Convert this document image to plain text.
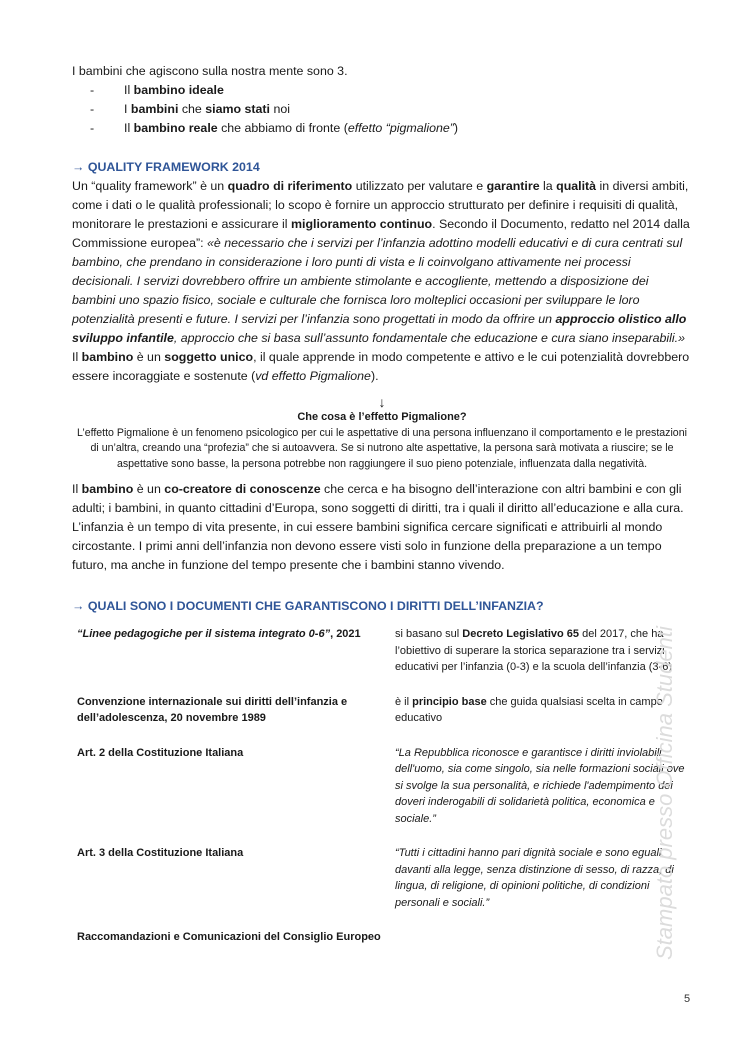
I bambini che agiscono sulla nostra mente sono 3.

- Il bambino ideale
- I bambini che siamo stati noi
- Il bambino reale che abbiamo di fronte (effetto “pigmalione”)
→ QUALITY FRAMEWORK 2014

Un “quality framework” è un quadro di riferimento utilizzato per valutare e garantire la qualità in diversi ambiti, come i dati o le qualità professionali; lo scopo è fornire un approccio strutturato per definire i requisiti di qualità, monitorare le prestazioni e assicurare il miglioramento continuo. Secondo il Documento, redatto nel 2014 dalla Commissione europea”: «è necessario che i servizi per l’infanzia adottino modelli educativi e di cura centrati sul bambino, che prendano in considerazione i loro punti di vista e li coinvolgano attivamente nei processi decisionali. I servizi dovrebbero offrire un ambiente stimolante e accogliente, mettendo a disposizione dei bambini uno spazio fisico, sociale e culturale che fornisca loro molteplici occasioni per sviluppare le loro potenzialità presenti e future. I servizi per l’infanzia sono progettati in modo da offrire un approccio olistico allo sviluppo infantile, approccio che si basa sull’assunto fondamentale che educazione e cura siano inseparabili.»

Il bambino è un soggetto unico, il quale apprende in modo competente e attivo e le cui potenzialità dovrebbero essere incoraggiate e sostenute (vd effetto Pigmalione).

↓
Che cosa è l’effetto Pigmalione?
L’effetto Pigmalione è un fenomeno psicologico per cui le aspettative di una persona influenzano il comportamento e le prestazioni di un’altra, creando una “profezia” che si autoavvera. Se si nutrono alte aspettative, la persona sarà motivata a riuscire; se le aspettative sono basse, la persona potrebbe non raggiungere il suo pieno potenziale, influenzata dalla negatività.

Il bambino è un co-creatore di conoscenze che cerca e ha bisogno dell’interazione con altri bambini e con gli adulti; i bambini, in quanto cittadini d’Europa, sono soggetti di diritti, tra i quali il diritto all’educazione e alla cura. L’infanzia è un tempo di vita presente, in cui essere bambini significa cercare significati e attribuirli al mondo circostante. I primi anni dell’infanzia non devono essere visti solo in funzione della preparazione a un tempo futuro, ma anche in funzione del tempo presente che i bambini stanno vivendo.

→ QUALI SONO I DOCUMENTI CHE GARANTISCONO I DIRITTI DELL’INFANZIA?
“Linee pedagogiche per il sistema integrato 0-6”, 2021	si basano sul Decreto Legislativo 65 del 2017, che ha l’obiettivo di superare la storica separazione tra i servizi educativi per l’infanzia (0-3) e la scuola dell’infanzia (3-6)
Convenzione internazionale sui diritti dell’infanzia e dell’adolescenza, 20 novembre 1989	è il principio base che guida qualsiasi scelta in campo educativo
Art. 2 della Costituzione Italiana	“La Repubblica riconosce e garantisce i diritti inviolabili dell'uomo, sia come singolo, sia nelle formazioni sociali ove si svolge la sua personalità, e richiede l'adempimento dei doveri inderogabili di solidarietà politica, economica e sociale.”
Art. 3 della Costituzione Italiana	“Tutti i cittadini hanno pari dignità sociale e sono eguali davanti alla legge, senza distinzione di sesso, di razza, di lingua, di religione, di opinioni politiche, di condizioni personali e sociali.”
Raccomandazioni e Comunicazioni del Consiglio Europeo		Stampato presso Officina Studenti
5
